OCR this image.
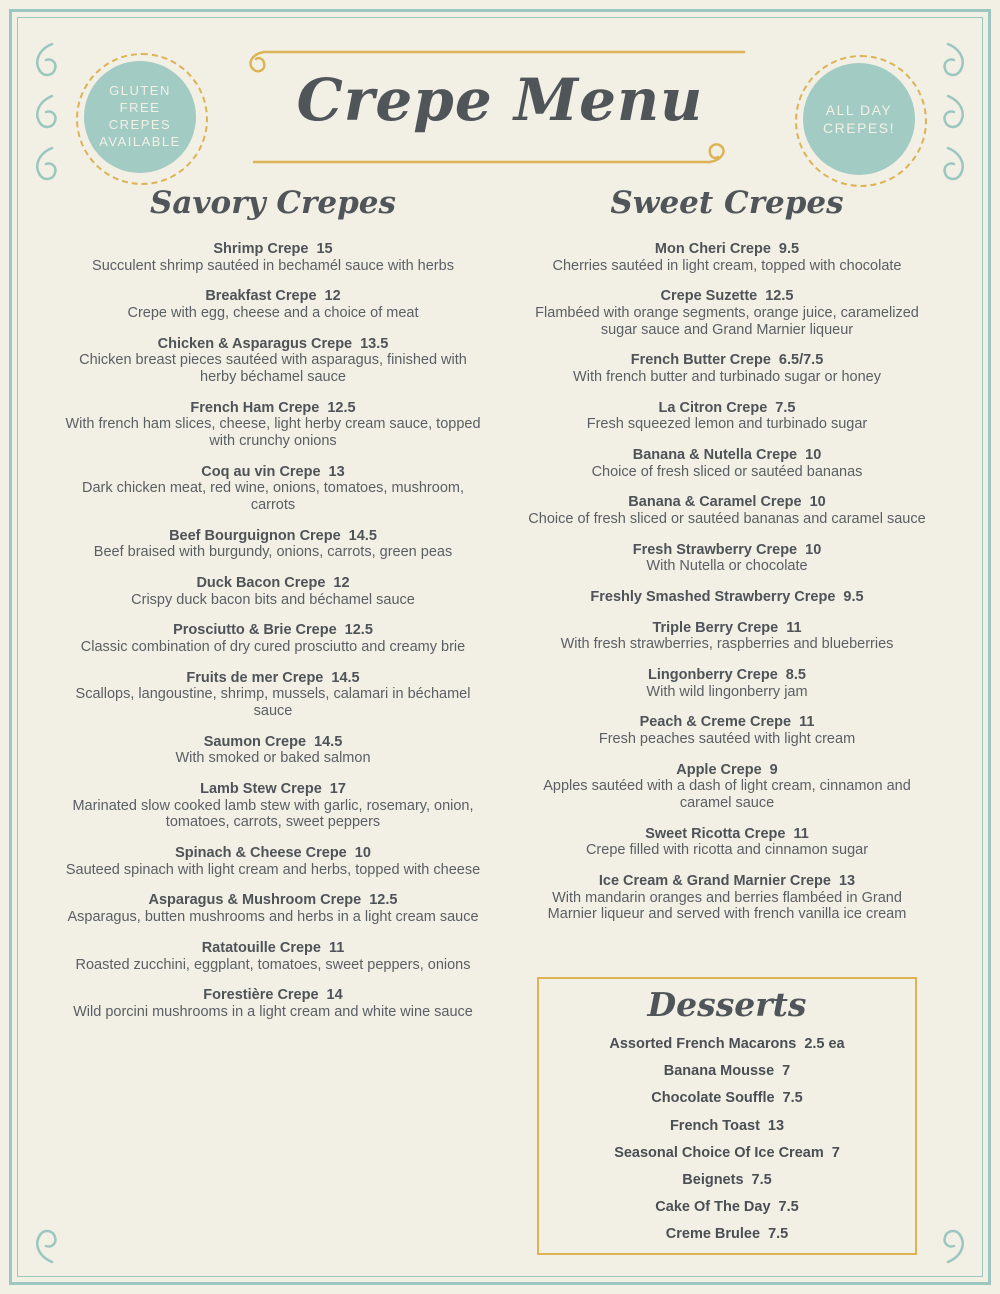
Crepe Menu
GLUTEN
FREE
CREPES
AVAILABLE
ALL DAY
CREPES!
Savory Crepes
Shrimp Crepe 15
Succulent shrimp sautéed in bechamél sauce with herbs
Breakfast Crepe 12
Crepe with egg, cheese and a choice of meat
Chicken & Asparagus Crepe 13.5
Chicken breast pieces sautéed with asparagus, finished with herby béchamel sauce
French Ham Crepe 12.5
With french ham slices, cheese, light herby cream sauce, topped with crunchy onions
Coq au vin Crepe 13
Dark chicken meat, red wine, onions, tomatoes, mushroom, carrots
Beef Bourguignon Crepe 14.5
Beef braised with burgundy, onions, carrots, green peas
Duck Bacon Crepe 12
Crispy duck bacon bits and béchamel sauce
Prosciutto & Brie Crepe 12.5
Classic combination of dry cured prosciutto and creamy brie
Fruits de mer Crepe 14.5
Scallops, langoustine, shrimp, mussels, calamari in béchamel sauce
Saumon Crepe 14.5
With smoked or baked salmon
Lamb Stew Crepe 17
Marinated slow cooked lamb stew with garlic, rosemary, onion, tomatoes, carrots, sweet peppers
Spinach & Cheese Crepe 10
Sauteed spinach with light cream and herbs, topped with cheese
Asparagus & Mushroom Crepe 12.5
Asparagus, butten mushrooms and herbs in a light cream sauce
Ratatouille Crepe 11
Roasted zucchini, eggplant, tomatoes, sweet peppers, onions
Forestière Crepe 14
Wild porcini mushrooms in a light cream and white wine sauce
Sweet Crepes
Mon Cheri Crepe 9.5
Cherries sautéed in light cream, topped with chocolate
Crepe Suzette 12.5
Flambéed with orange segments, orange juice, caramelized sugar sauce and Grand Marnier liqueur
French Butter Crepe 6.5/7.5
With french butter and turbinado sugar or honey
La Citron Crepe 7.5
Fresh squeezed lemon and turbinado sugar
Banana & Nutella Crepe 10
Choice of fresh sliced or sautéed bananas
Banana & Caramel Crepe 10
Choice of fresh sliced or sautéed bananas and caramel sauce
Fresh Strawberry Crepe 10
With Nutella or chocolate
Freshly Smashed Strawberry Crepe 9.5
Triple Berry Crepe 11
With fresh strawberries, raspberries and blueberries
Lingonberry Crepe 8.5
With wild lingonberry jam
Peach & Creme Crepe 11
Fresh peaches sautéed with light cream
Apple Crepe 9
Apples sautéed with a dash of light cream, cinnamon and caramel sauce
Sweet Ricotta Crepe 11
Crepe filled with ricotta and cinnamon sugar
Ice Cream & Grand Marnier Crepe 13
With mandarin oranges and berries flambéed in Grand Marnier liqueur and served with french vanilla ice cream
Desserts
Assorted French Macarons 2.5 ea
Banana Mousse 7
Chocolate Souffle 7.5
French Toast 13
Seasonal Choice Of Ice Cream 7
Beignets 7.5
Cake Of The Day 7.5
Creme Brulee 7.5
